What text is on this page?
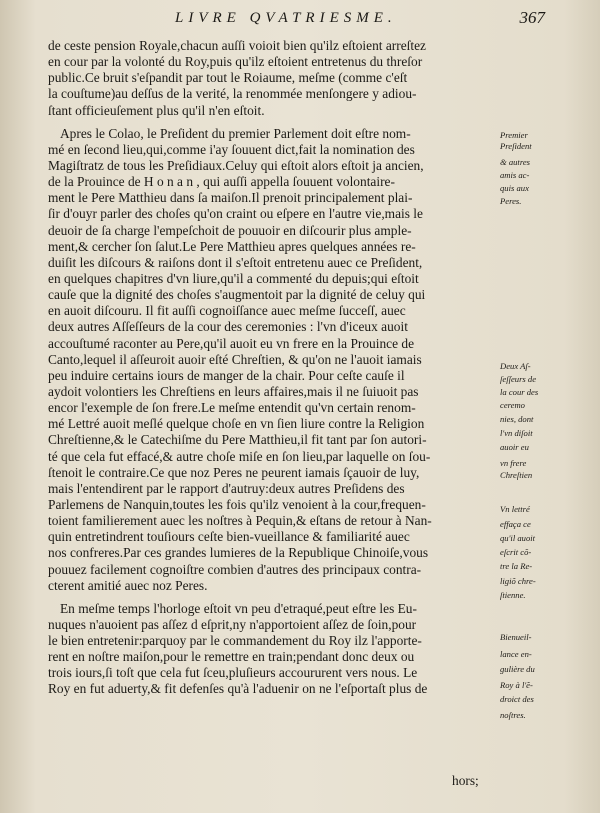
LIVRE QVATRIESME.	367
de ceste pension Royale,chacun auſſi voioit bien qu'ilz eſtoient arreſtez
en cour par la volonté du Roy,puis qu'ilz eſtoient entretenus du threſor
public.Ce bruit s'eſpandit par tout le Roiaume, meſme (comme c'eſt
la couſtume)au deſſus de la verité, la renommée menſongere y adiou-
ſtant officieuſement plus qu'il n'en eſtoit.
Apres le Colao, le Preſident du premier Parlement doit eſtre nom-
mé en ſecond lieu,qui,comme i'ay ſouuent dict,fait la nomination des
Magiſtratz de tous les Preſidiaux.Celuy qui eſtoit alors eſtoit ja ancien,
de la Prouince de H o n a n , qui auſſi appella ſouuent volontaire-
ment le Pere Matthieu dans ſa maiſon.Il prenoit principalement plai-
ſir d'ouyr parler des choſes qu'on craint ou eſpere en l'autre vie,mais le
deuoir de ſa charge l'empeſchoit de pouuoir en diſcourir plus ample-
ment,& cercher ſon ſalut.Le Pere Matthieu apres quelques années re-
duiſit les diſcours & raiſons dont il s'eſtoit entretenu auec ce Preſident,
en quelques chapitres d'vn liure,qu'il a commenté du depuis;qui eſtoit
cauſe que la dignité des choſes s'augmentoit par la dignité de celuy qui
en auoit diſcouru. Il fit auſſi cognoiſſance auec meſme ſucceſſ, auec
deux autres Aſſeſſeurs de la cour des ceremonies : l'vn d'iceux auoit
accouſtumé raconter au Pere,qu'il auoit eu vn frere en la Prouince de
Canto,lequel il aſſeuroit auoir eſté Chreſtien, & qu'on ne l'auoit iamais
peu induire certains iours de manger de la chair. Pour ceſte cauſe il
aydoit volontiers les Chreſtiens en leurs affaires,mais il ne ſuiuoit pas
encor l'exemple de ſon frere.Le meſme entendit qu'vn certain renom-
mé Lettré auoit meſlé quelque choſe en vn ſien liure contre la Religion
Chreſtienne,& le Catechiſme du Pere Matthieu,il fit tant par ſon autori-
té que cela fut effacé,& autre choſe miſe en ſon lieu,par laquelle on ſou-
ſtenoit le contraire.Ce que noz Peres ne peurent iamais ſçauoir de luy,
mais l'entendirent par le rapport d'autruy:deux autres Preſidens des
Parlemens de Nanquin,toutes les fois qu'ilz venoient à la cour,frequen-
toient familierement auec les noſtres à Pequin,& eſtans de retour à Nan-
quin entretindrent touſiours ceſte bien-vueillance & familiarité auec
nos confreres.Par ces grandes lumieres de la Republique Chinoiſe,vous
pouuez facilement cognoiſtre combien d'autres des principaux contra-
cterent amitié auec noz Peres.
En meſme temps l'horloge eſtoit vn peu d'etraqué,peut eſtre les Eu-
nuques n'auoient pas aſſez d eſprit,ny n'apportoient aſſez de ſoin,pour
le bien entretenir:parquoy par le commandement du Roy ilz l'apporte-
rent en noſtre maiſon,pour le remettre en train;pendant donc deux ou
trois iours,ſi toſt que cela fut ſceu,pluſieurs accoururent vers nous. Le
Roy en fut aduerty,& fit defenſes qu'à l'aduenir on ne l'eſportaſt plus de
Premier
Preſident
& autres
amis ac-
quis aux
Peres.
Deux Aſ-
ſeſſeurs de
la cour des
ceremo
nies, dont
l'vn diſoit
auoir eu
vn frere
Chreſtien
Vn lettré
effaça ce
qu'il auoit
eſcrit cõ-
tre la Re-
ligiõ chre-
ſtienne.
Bienueil-
lance en-
gulière du
Roy à l'ẽ-
droict des
noſtres.
hors;
